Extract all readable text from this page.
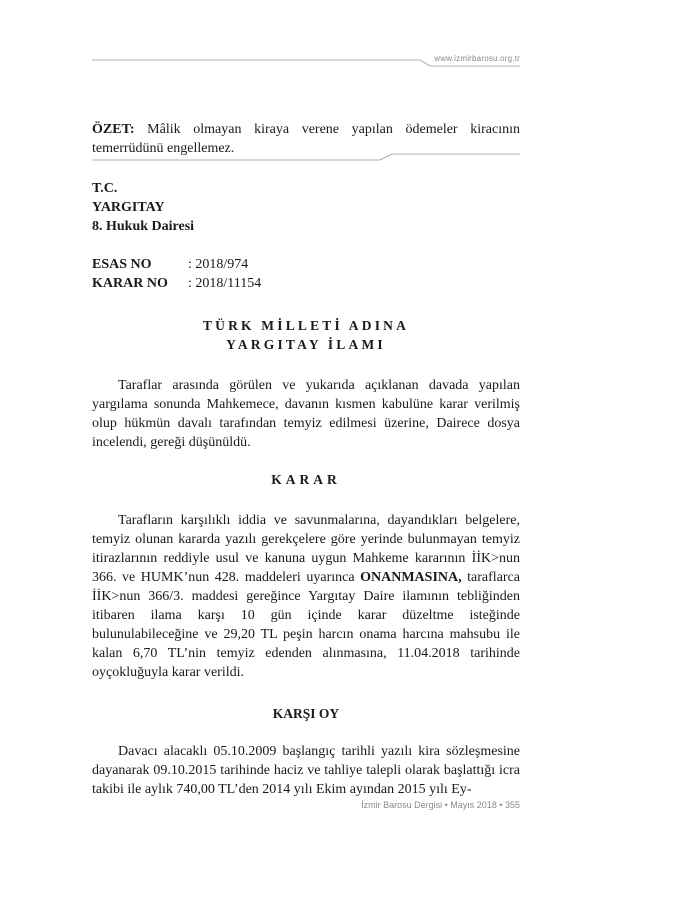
www.izmirbarosu.org.tr

ÖZET: Mâlik olmayan kiraya verene yapılan ödemeler kiracının temerrüdünü engellemez.

T.C.
YARGITAY
8. Hukuk Dairesi
ESAS NO	: 2018/974
KARAR NO	: 2018/11154
TÜRK MİLLETİ ADINA
YARGITAY İLAMI

Taraflar arasında görülen ve yukarıda açıklanan davada yapılan yargılama sonunda Mahkemece, davanın kısmen kabulüne karar verilmiş olup hükmün davalı tarafından temyiz edilmesi üzerine, Dairece dosya incelendi, gereği düşünüldü.

KARAR

Tarafların karşılıklı iddia ve savunmalarına, dayandıkları belgelere, temyiz olunan kararda yazılı gerekçelere göre yerinde bulunmayan temyiz itirazlarının reddiyle usul ve kanuna uygun Mahkeme kararının İİK>nun 366. ve HUMK’nun 428. maddeleri uyarınca ONANMASINA, taraflarca İİK>nun 366/3. maddesi gereğince Yargıtay Daire ilamının tebliğinden itibaren ilama karşı 10 gün içinde karar düzeltme isteğinde bulunulabileceğine ve 29,20 TL peşin harcın onama harcına mahsubu ile kalan 6,70 TL’nin temyiz edenden alınmasına, 11.04.2018 tarihinde oyçokluğuyla karar verildi.

KARŞI OY

Davacı alacaklı 05.10.2009 başlangıç tarihli yazılı kira sözleşmesine dayanarak 09.10.2015 tarihinde haciz ve tahliye talepli olarak başlattığı icra takibi ile aylık 740,00 TL’den 2014 yılı Ekim ayından 2015 yılı Ey-

İzmir Barosu Dergisi • Mayıs 2018 • 355
